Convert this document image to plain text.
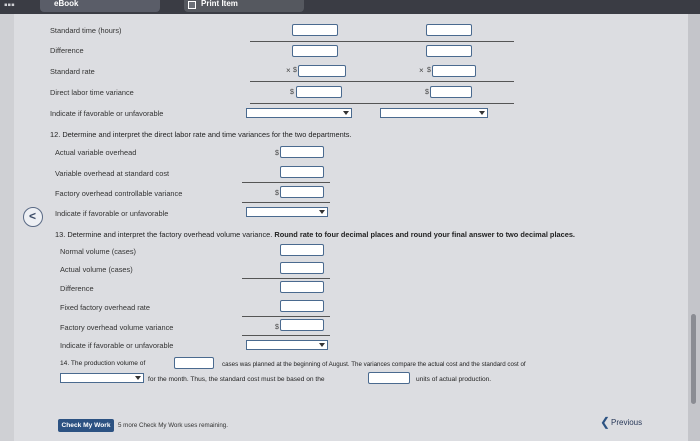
▪▪▪	eBook	Print Item
Standard time (hours)
Difference
Standard rate	× $	× $
Direct labor time variance	$	$
Indicate if favorable or unfavorable
12. Determine and interpret the direct labor rate and time variances for the two departments.
Actual variable overhead	$
Variable overhead at standard cost
Factory overhead controllable variance	$
Indicate if favorable or unfavorable
<
13. Determine and interpret the factory overhead volume variance. Round rate to four decimal places and round your final answer to two decimal places.
Normal volume (cases)
Actual volume (cases)
Difference
Fixed factory overhead rate
Factory overhead volume variance	$
Indicate if favorable or unfavorable
14. The production volume of	cases was planned at the beginning of August. The variances compare the actual cost and the standard cost of
for the month. Thus, the standard cost must be based on the	units of actual production.
Check My Work	5 more Check My Work uses remaining.	❮ Previous
